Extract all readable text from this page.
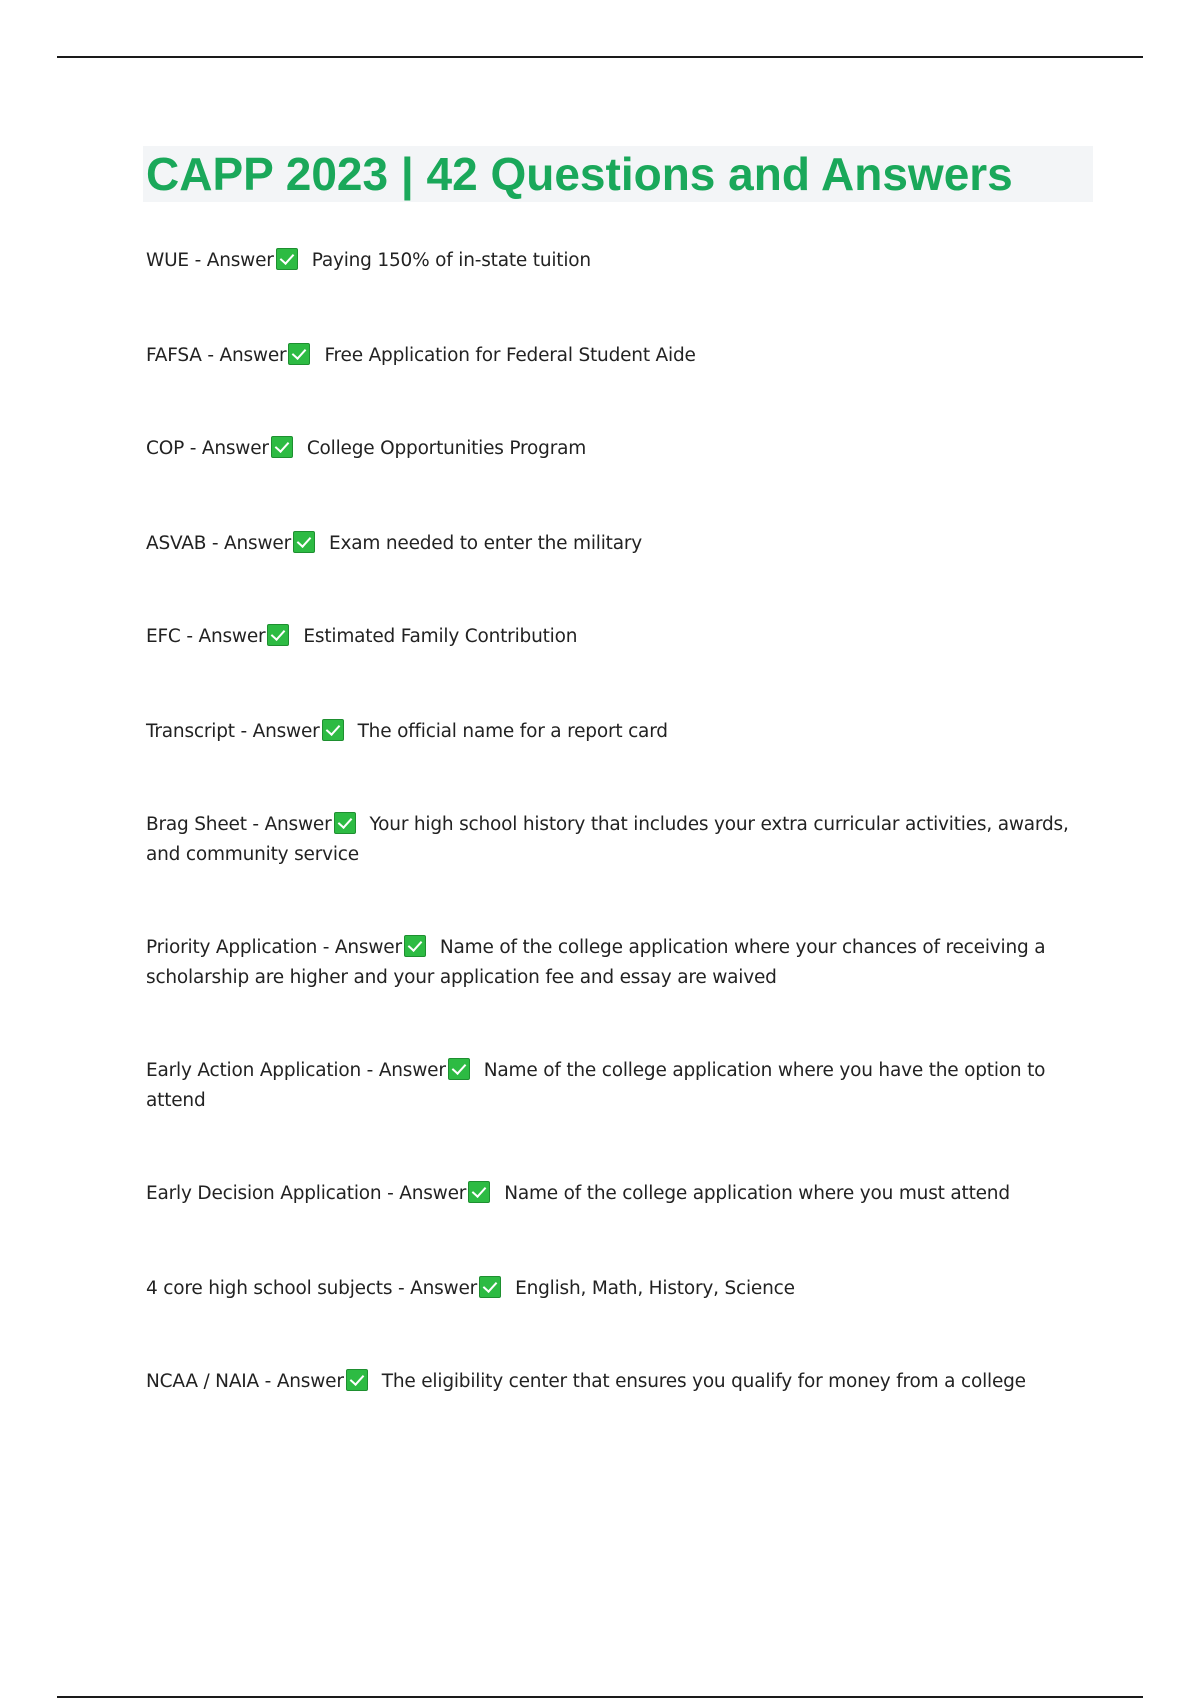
CAPP 2023 | 42 Questions and Answers
WUE - Answer Paying 150% of in-state tuition
FAFSA - Answer Free Application for Federal Student Aide
COP - Answer College Opportunities Program
ASVAB - Answer Exam needed to enter the military
EFC - Answer Estimated Family Contribution
Transcript - Answer The official name for a report card
Brag Sheet - Answer Your high school history that includes your extra curricular activities, awards, and community service
Priority Application - Answer Name of the college application where your chances of receiving a scholarship are higher and your application fee and essay are waived
Early Action Application - Answer Name of the college application where you have the option to attend
Early Decision Application - Answer Name of the college application where you must attend
4 core high school subjects - Answer English, Math, History, Science
NCAA / NAIA - Answer The eligibility center that ensures you qualify for money from a college
